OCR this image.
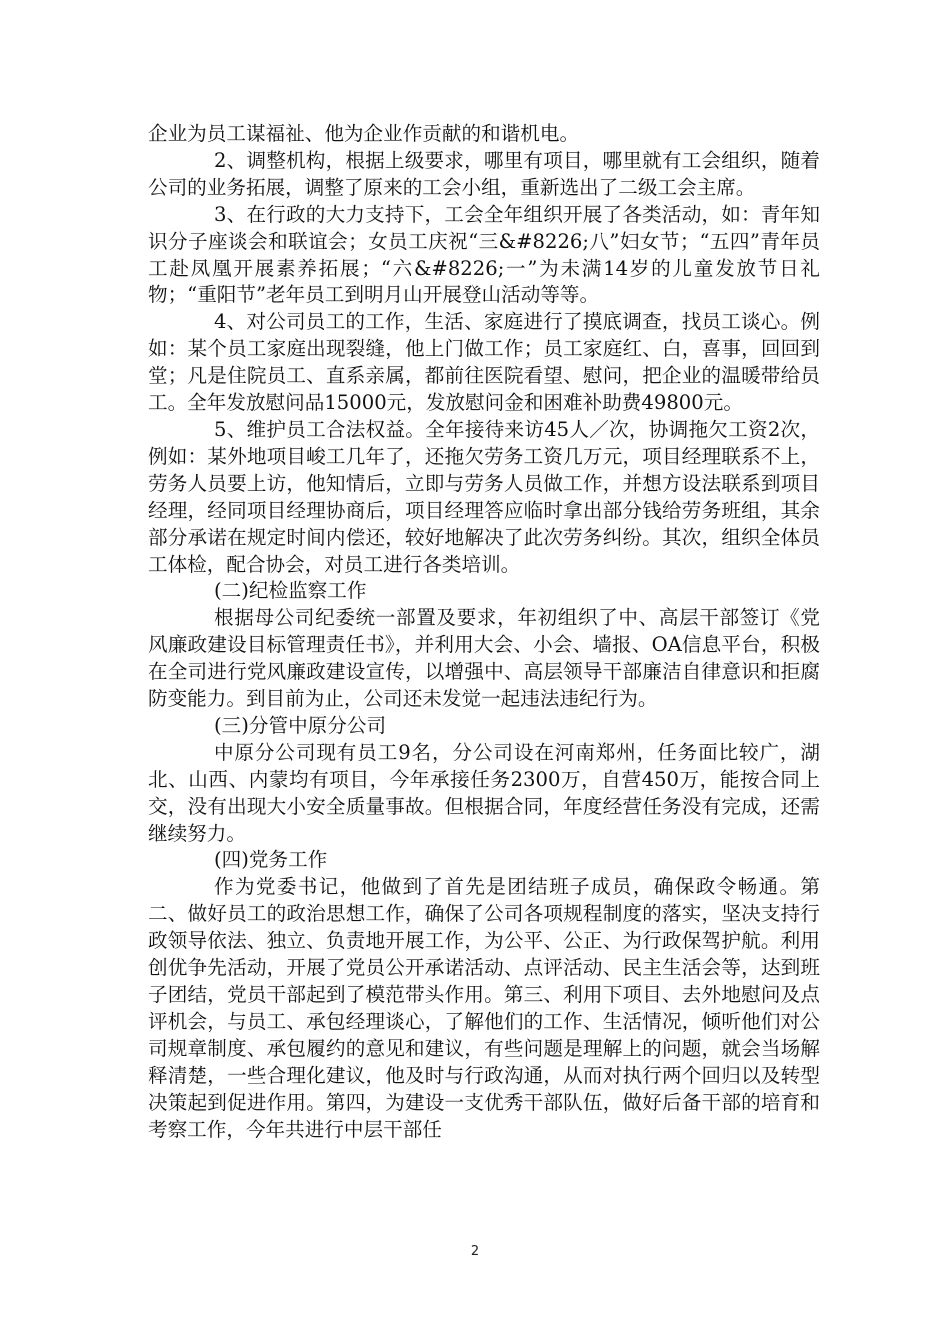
企业为员工谋福祉、他为企业作贡献的和谐机电。

2、调整机构，根据上级要求，哪里有项目，哪里就有工会组织，随着公司的业务拓展，调整了原来的工会小组，重新选出了二级工会主席。

3、在行政的大力支持下，工会全年组织开展了各类活动，如：青年知识分子座谈会和联谊会；女员工庆祝“三&#8226;八”妇女节；“五四”青年员工赴凤凰开展素养拓展；“六&#8226;一”为未满14岁的儿童发放节日礼物；“重阳节”老年员工到明月山开展登山活动等等。

4、对公司员工的工作，生活、家庭进行了摸底调查，找员工谈心。例如：某个员工家庭出现裂缝，他上门做工作；员工家庭红、白，喜事，回回到堂；凡是住院员工、直系亲属，都前往医院看望、慰问，把企业的温暖带给员工。全年发放慰问品15000元，发放慰问金和困难补助费49800元。

5、维护员工合法权益。全年接待来访45人／次，协调拖欠工资2次，例如：某外地项目峻工几年了，还拖欠劳务工资几万元，项目经理联系不上，劳务人员要上访，他知情后，立即与劳务人员做工作，并想方设法联系到项目经理，经同项目经理协商后，项目经理答应临时拿出部分钱给劳务班组，其余部分承诺在规定时间内偿还，较好地解决了此次劳务纠纷。其次，组织全体员工体检，配合协会，对员工进行各类培训。

(二)纪检监察工作

根据母公司纪委统一部置及要求，年初组织了中、高层干部签订《党风廉政建设目标管理责任书》，并利用大会、小会、墙报、OA信息平台，积极在全司进行党风廉政建设宣传，以增强中、高层领导干部廉洁自律意识和拒腐防变能力。到目前为止，公司还未发觉一起违法违纪行为。

(三)分管中原分公司

中原分公司现有员工9名，分公司设在河南郑州，任务面比较广，湖北、山西、内蒙均有项目，今年承接任务2300万，自营450万，能按合同上交，没有出现大小安全质量事故。但根据合同，年度经营任务没有完成，还需继续努力。

(四)党务工作

作为党委书记，他做到了首先是团结班子成员，确保政令畅通。第二、做好员工的政治思想工作，确保了公司各项规程制度的落实，坚决支持行政领导依法、独立、负责地开展工作，为公平、公正、为行政保驾护航。利用创优争先活动，开展了党员公开承诺活动、点评活动、民主生活会等，达到班子团结，党员干部起到了模范带头作用。第三、利用下项目、去外地慰问及点评机会，与员工、承包经理谈心，了解他们的工作、生活情况，倾听他们对公司规章制度、承包履约的意见和建议，有些问题是理解上的问题，就会当场解释清楚，一些合理化建议，他及时与行政沟通，从而对执行两个回归以及转型决策起到促进作用。第四，为建设一支优秀干部队伍，做好后备干部的培育和考察工作，今年共进行中层干部任

2
